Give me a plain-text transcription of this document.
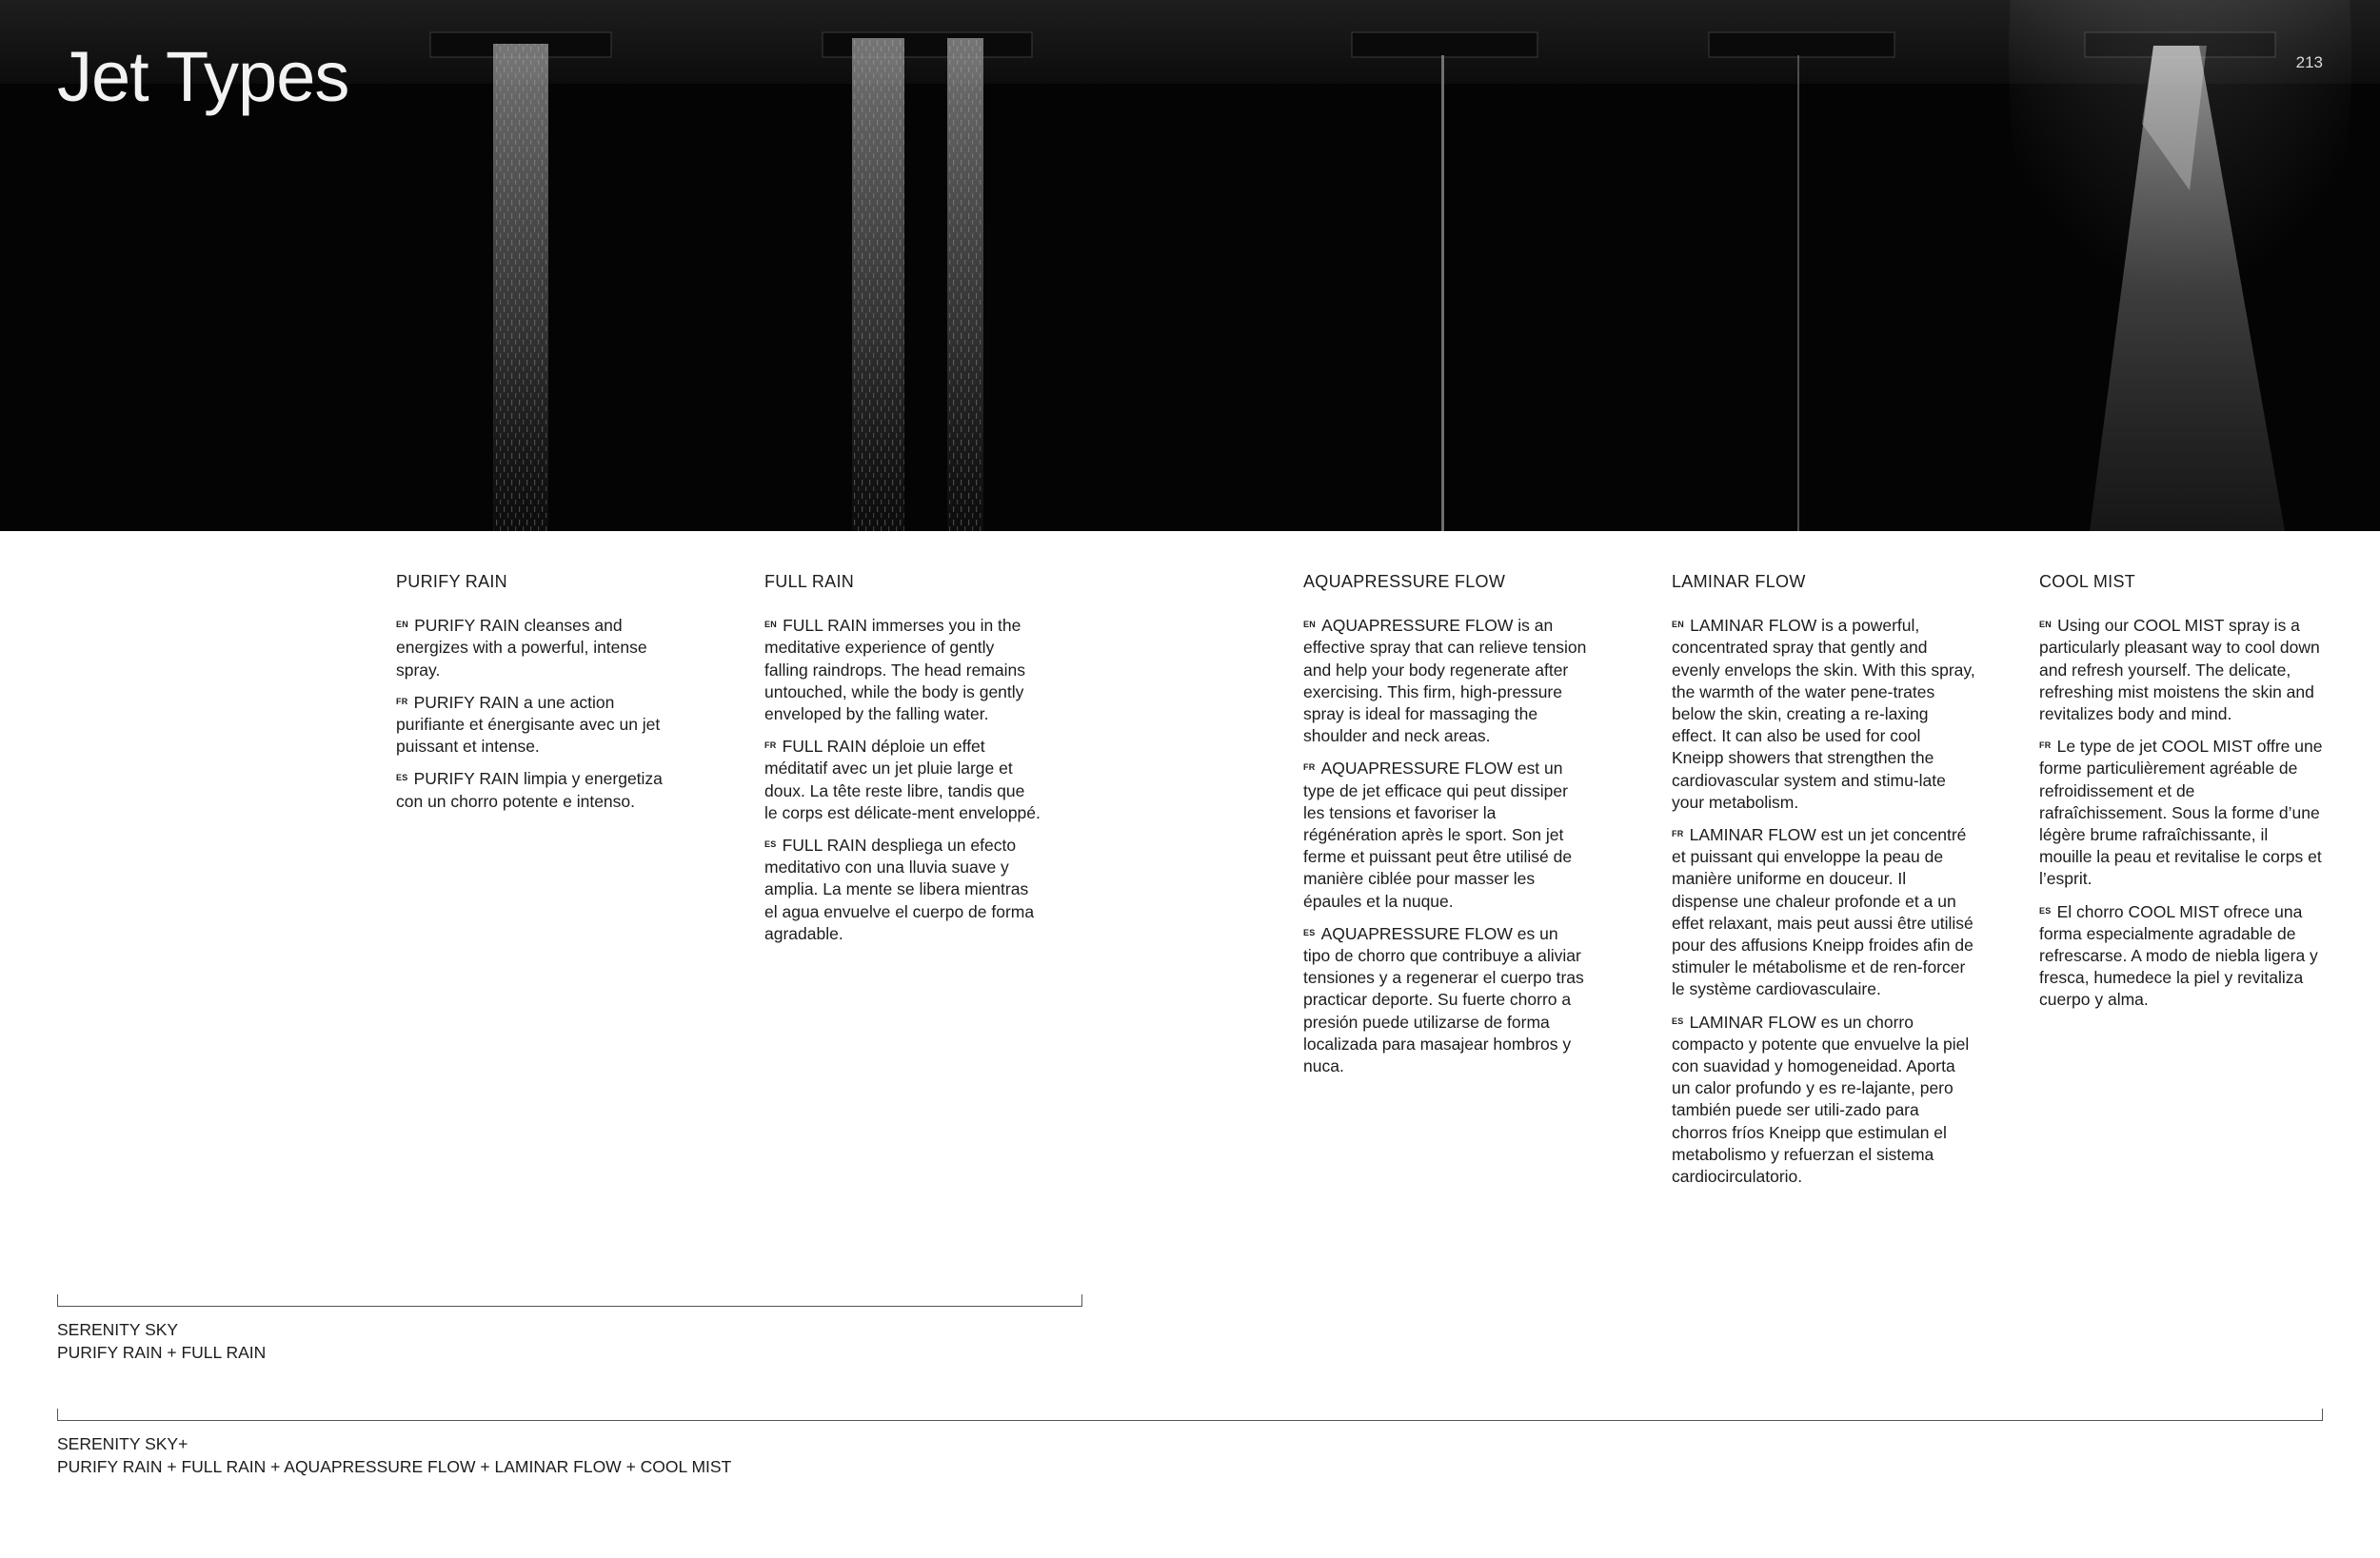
Jet Types	213
PURIFY RAIN

$^{EN}$ PURIFY RAIN cleanses and energizes with a powerful, intense spray.

$^{FR}$ PURIFY RAIN a une action purifiante et énergisante avec un jet puissant et intense.

$^{ES}$ PURIFY RAIN limpia y energetiza con un chorro potente e intenso.

FULL RAIN

$^{EN}$ FULL RAIN immerses you in the meditative experience of gently falling raindrops. The head remains untouched, while the body is gently enveloped by the falling water.

$^{FR}$ FULL RAIN déploie un effet méditatif avec un jet pluie large et doux. La tête reste libre, tandis que le corps est délicate-ment enveloppé.

$^{ES}$ FULL RAIN despliega un efecto meditativo con una lluvia suave y amplia. La mente se libera mientras el agua envuelve el cuerpo de forma agradable.

AQUAPRESSURE FLOW

$^{EN}$ AQUAPRESSURE FLOW is an effective spray that can relieve tension and help your body regenerate after exercising. This firm, high-pressure spray is ideal for massaging the shoulder and neck areas.

$^{FR}$ AQUAPRESSURE FLOW est un type de jet efficace qui peut dissiper les tensions et favoriser la régénération après le sport. Son jet ferme et puissant peut être utilisé de manière ciblée pour masser les épaules et la nuque.

$^{ES}$ AQUAPRESSURE FLOW es un tipo de chorro que contribuye a aliviar tensiones y a regenerar el cuerpo tras practicar deporte. Su fuerte chorro a presión puede utilizarse de forma localizada para masajear hombros y nuca.

LAMINAR FLOW

$^{EN}$ LAMINAR FLOW is a powerful, concentrated spray that gently and evenly envelops the skin. With this spray, the warmth of the water pene-trates below the skin, creating a re-laxing effect. It can also be used for cool Kneipp showers that strengthen the cardiovascular system and stimu-late your metabolism.

$^{FR}$ LAMINAR FLOW est un jet concentré et puissant qui enveloppe la peau de manière uniforme en douceur. Il dispense une chaleur profonde et a un effet relaxant, mais peut aussi être utilisé pour des affusions Kneipp froides afin de stimuler le métabolisme et de ren-forcer le système cardiovasculaire.

$^{ES}$ LAMINAR FLOW es un chorro compacto y potente que envuelve la piel con suavidad y homogeneidad. Aporta un calor profundo y es re-lajante, pero también puede ser utili-zado para chorros fríos Kneipp que estimulan el metabolismo y refuerzan el sistema cardiocirculatorio.

COOL MIST

$^{EN}$ Using our COOL MIST spray is a particularly pleasant way to cool down and refresh yourself. The delicate, refreshing mist moistens the skin and revitalizes body and mind.

$^{FR}$ Le type de jet COOL MIST offre une forme particulièrement agréable de refroidissement et de rafraîchissement. Sous la forme d’une légère brume rafraîchissante, il mouille la peau et revitalise le corps et l’esprit.

$^{ES}$ El chorro COOL MIST ofrece una forma especialmente agradable de refrescarse. A modo de niebla ligera y fresca, humedece la piel y revitaliza cuerpo y alma.

SERENITY SKY
PURIFY RAIN + FULL RAIN
SERENITY SKY+
PURIFY RAIN + FULL RAIN + AQUAPRESSURE FLOW + LAMINAR FLOW + COOL MIST
